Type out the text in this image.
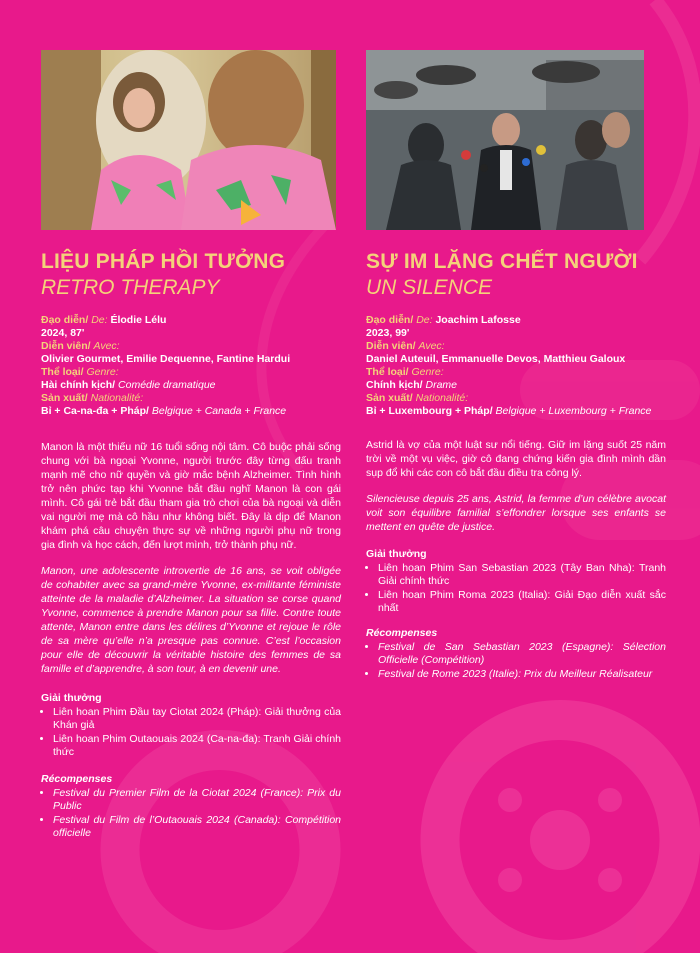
LIỆU PHÁP HỒI TƯỞNG
RETRO THERAPY
Đạo diễn/ De: Élodie Lélu
2024, 87'
Diễn viên/ Avec:
Olivier Gourmet, Emilie Dequenne, Fantine Hardui
Thể loại/ Genre:
Hài chính kịch/ Comédie dramatique
Sản xuất/ Nationalité:
Bỉ + Ca-na-đa + Pháp/ Belgique + Canada + France
Manon là một thiếu nữ 16 tuổi sống nội tâm. Cô buộc phải sống chung với bà ngoại Yvonne, người trước đây từng đấu tranh mạnh mẽ cho nữ quyền và giờ mắc bệnh Alzheimer. Tình hình trở nên phức tạp khi Yvonne bắt đầu nghĩ Manon là con gái mình. Cô gái trẻ bắt đầu tham gia trò chơi của bà ngoại và diễn vai người mẹ mà cô hầu như không biết. Đây là dịp để Manon khám phá câu chuyện thực sự về những người phụ nữ trong gia đình và học cách, đến lượt mình, trở thành phụ nữ.
Manon, une adolescente introvertie de 16 ans, se voit obligée de cohabiter avec sa grand-mère Yvonne, ex-militante féministe atteinte de la maladie d’Alzheimer. La situation se corse quand Yvonne, commence à prendre Manon pour sa fille. Contre toute attente, Manon entre dans les délires d’Yvonne et rejoue le rôle de sa mère qu’elle n’a presque pas connue. C’est l’occasion pour elle de découvrir la véritable histoire des femmes de sa famille et d’apprendre, à son tour, à en devenir une.
Giải thưởng
• Liên hoan Phim Đầu tay Ciotat 2024 (Pháp): Giải thưởng của Khán giả
• Liên hoan Phim Outaouais 2024 (Ca-na-đa): Tranh Giải chính thức
Récompenses
• Festival du Premier Film de la Ciotat 2024 (France): Prix du Public
• Festival du Film de l’Outaouais 2024 (Canada): Compétition officielle
SỰ IM LẶNG CHẾT NGƯỜI
UN SILENCE
Đạo diễn/ De: Joachim Lafosse
2023, 99'
Diễn viên/ Avec:
Daniel Auteuil, Emmanuelle Devos, Matthieu Galoux
Thể loại/ Genre:
Chính kịch/ Drame
Sản xuất/ Nationalité:
Bỉ + Luxembourg + Pháp/ Belgique + Luxembourg + France
Astrid là vợ của một luật sư nổi tiếng. Giữ im lặng suốt 25 năm trời về một vụ việc, giờ cô đang chứng kiến gia đình mình dần sụp đổ khi các con cô bắt đầu điều tra công lý.
Silencieuse depuis 25 ans, Astrid, la femme d’un célèbre avocat voit son équilibre familial s’effondrer lorsque ses enfants se mettent en quête de justice.
Giải thưởng
• Liên hoan Phim San Sebastian 2023 (Tây Ban Nha): Tranh Giải chính thức
• Liên hoan Phim Roma 2023 (Italia): Giải Đạo diễn xuất sắc nhất
Récompenses
• Festival de San Sebastian 2023 (Espagne): Sélection Officielle (Compétition)
• Festival de Rome 2023 (Italie): Prix du Meilleur Réalisateur
